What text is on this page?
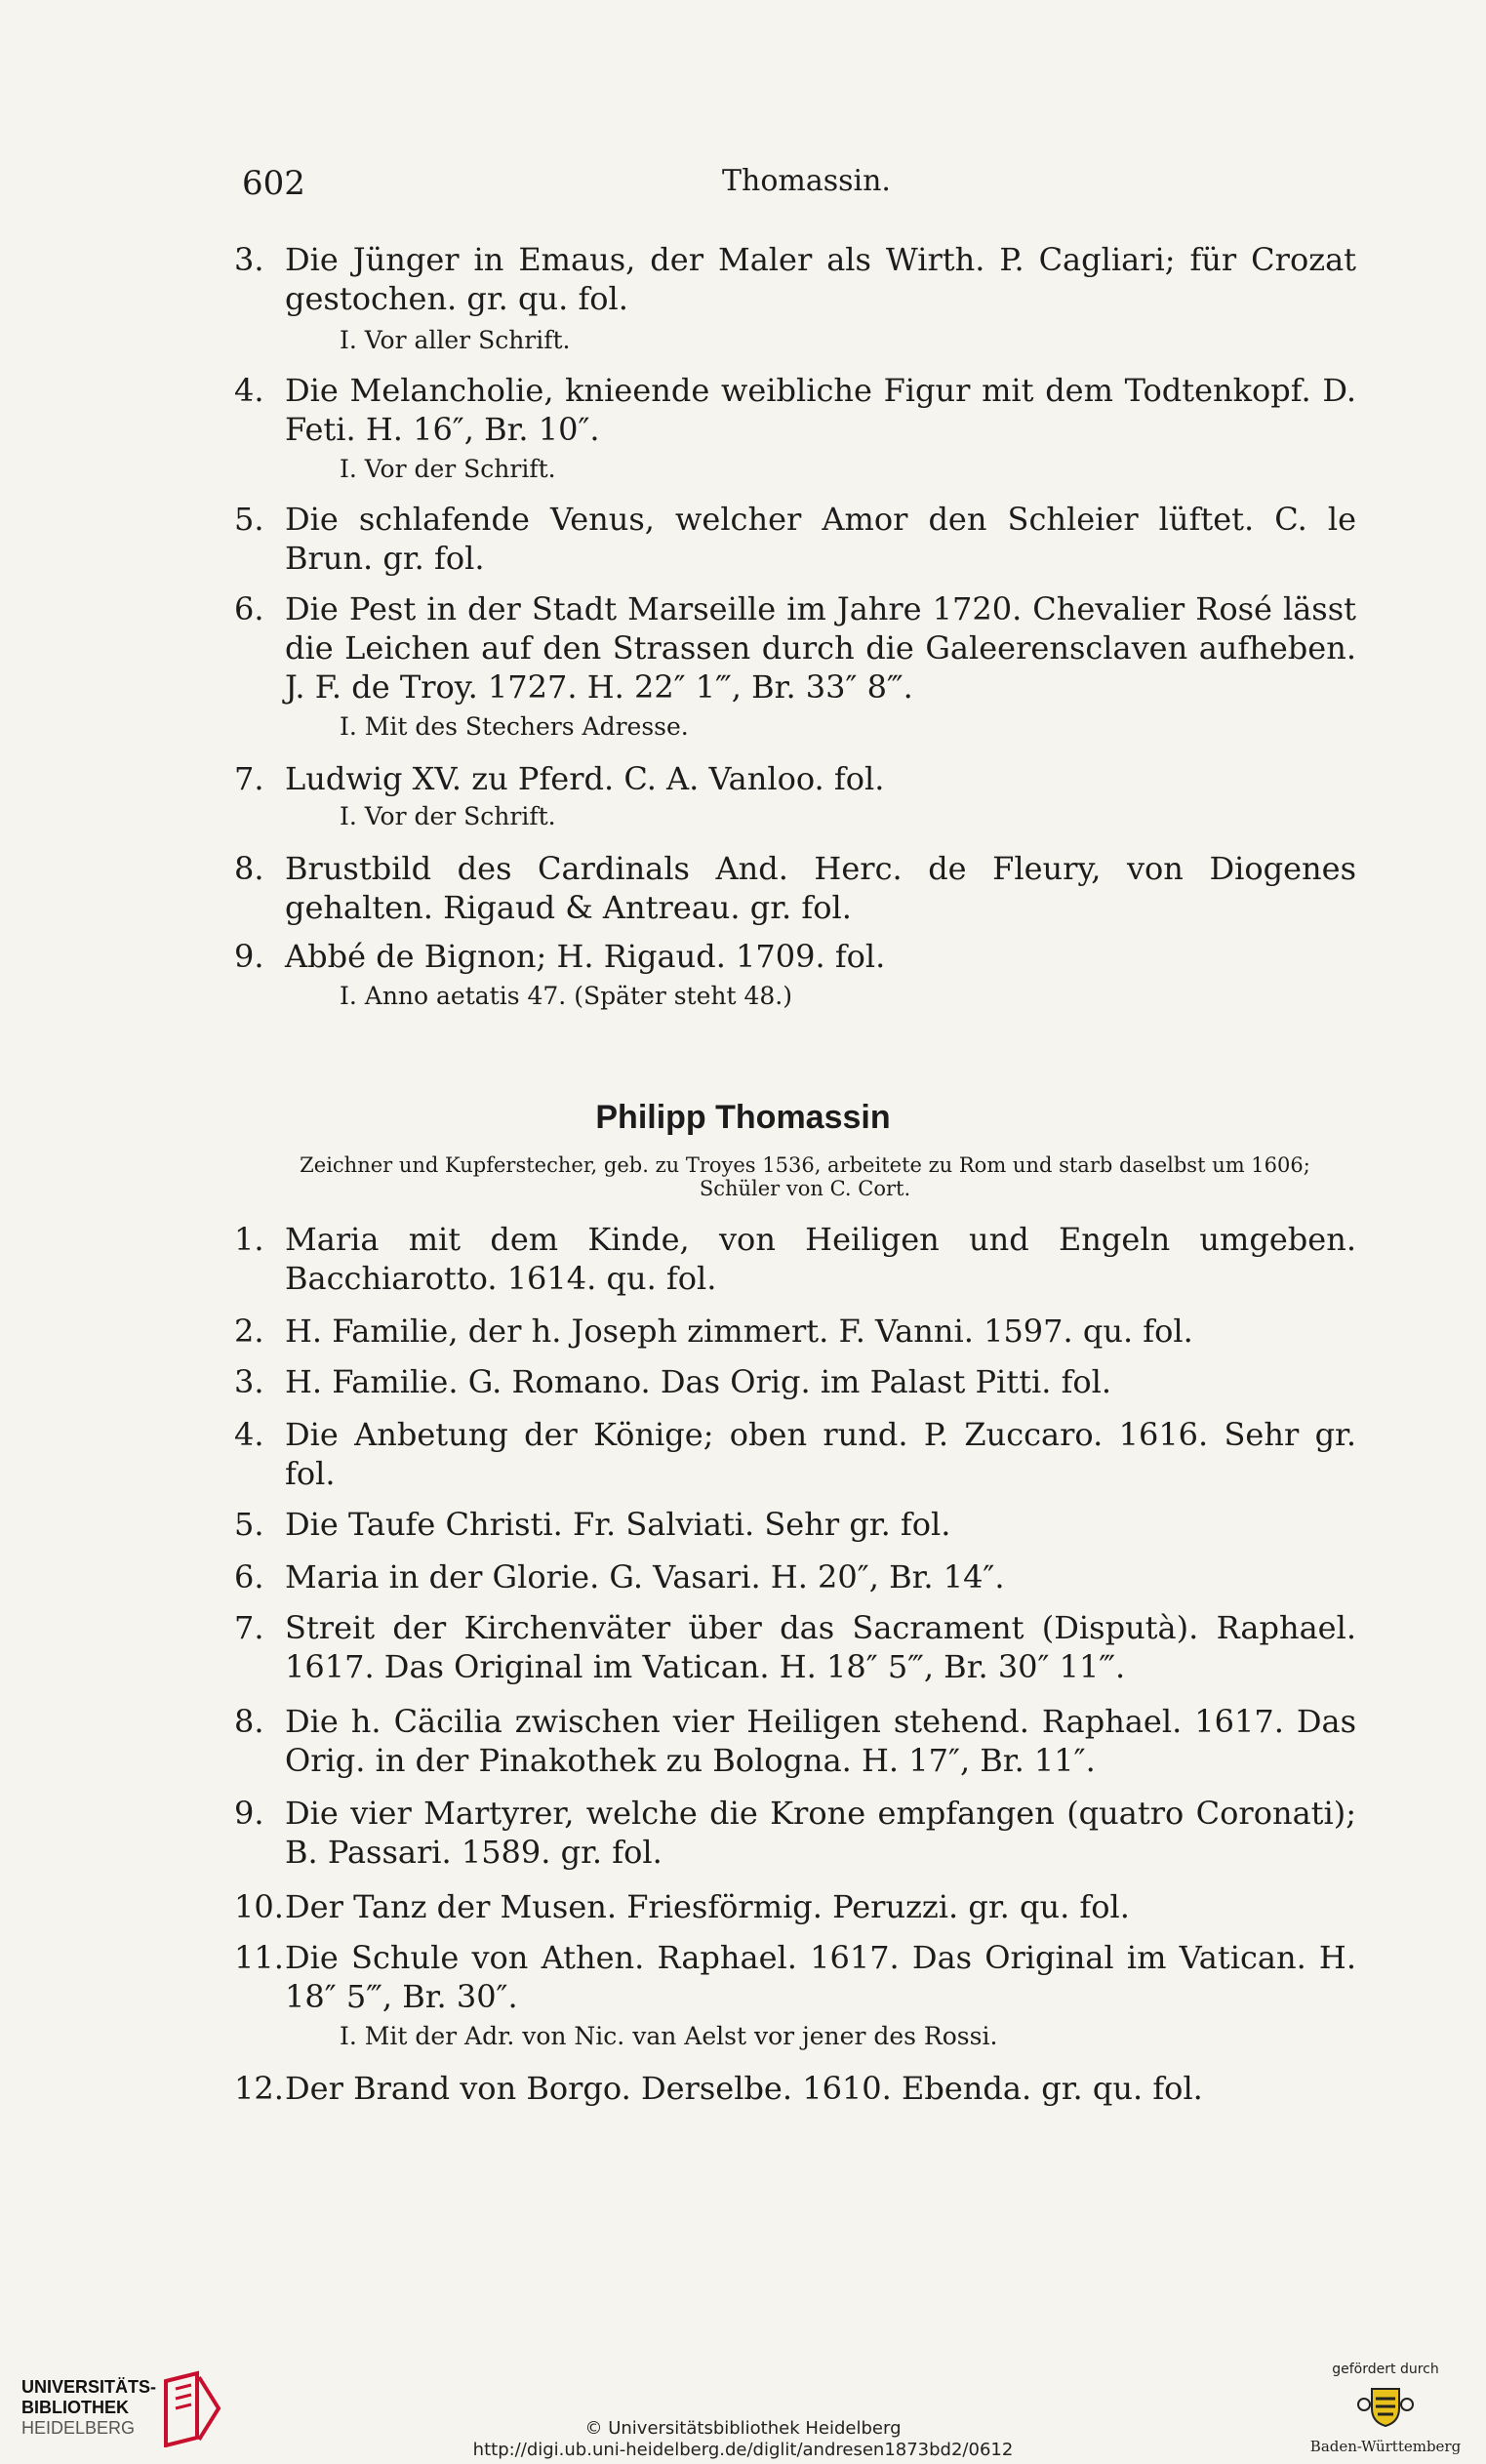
602	Thomassin.
3. Die Jünger in Emaus, der Maler als Wirth. P. Cagliari; für Crozat gestochen. gr. qu. fol.
I. Vor aller Schrift.
4. Die Melancholie, knieende weibliche Figur mit dem Todtenkopf. D. Feti. H. 16″, Br. 10″.
I. Vor der Schrift.
5. Die schlafende Venus, welcher Amor den Schleier lüftet. C. le Brun. gr. fol.
6. Die Pest in der Stadt Marseille im Jahre 1720. Chevalier Rosé lässt die Leichen auf den Strassen durch die Galeerensclaven aufheben. J. F. de Troy. 1727. H. 22″ 1‴, Br. 33″ 8‴.
I. Mit des Stechers Adresse.
7. Ludwig XV. zu Pferd. C. A. Vanloo. fol.
I. Vor der Schrift.
8. Brustbild des Cardinals And. Herc. de Fleury, von Diogenes gehalten. Rigaud & Antreau. gr. fol.
9. Abbé de Bignon; H. Rigaud. 1709. fol.
I. Anno aetatis 47. (Später steht 48.)
Philipp Thomassin
Zeichner und Kupferstecher, geb. zu Troyes 1536, arbeitete zu Rom und starb daselbst um 1606; Schüler von C. Cort.
1. Maria mit dem Kinde, von Heiligen und Engeln umgeben. Bacchiarotto. 1614. qu. fol.
2. H. Familie, der h. Joseph zimmert. F. Vanni. 1597. qu. fol.
3. H. Familie. G. Romano. Das Orig. im Palast Pitti. fol.
4. Die Anbetung der Könige; oben rund. P. Zuccaro. 1616. Sehr gr. fol.
5. Die Taufe Christi. Fr. Salviati. Sehr gr. fol.
6. Maria in der Glorie. G. Vasari. H. 20″, Br. 14″.
7. Streit der Kirchenväter über das Sacrament (Disputà). Raphael. 1617. Das Original im Vatican. H. 18″ 5‴, Br. 30″ 11‴.
8. Die h. Cäcilia zwischen vier Heiligen stehend. Raphael. 1617. Das Orig. in der Pinakothek zu Bologna. H. 17″, Br. 11″.
9. Die vier Martyrer, welche die Krone empfangen (quatro Coronati); B. Passari. 1589. gr. fol.
10. Der Tanz der Musen. Friesförmig. Peruzzi. gr. qu. fol.
11. Die Schule von Athen. Raphael. 1617. Das Original im Vatican. H. 18″ 5‴, Br. 30″.
I. Mit der Adr. von Nic. van Aelst vor jener des Rossi.
12. Der Brand von Borgo. Derselbe. 1610. Ebenda. gr. qu. fol.
UNIVERSITÄTS-
BIBLIOTHEK
HEIDELBERG	© Universitätsbibliothek Heidelberg
http://digi.ub.uni-heidelberg.de/diglit/andresen1873bd2/0612
gefördert durch
Baden-Württemberg
